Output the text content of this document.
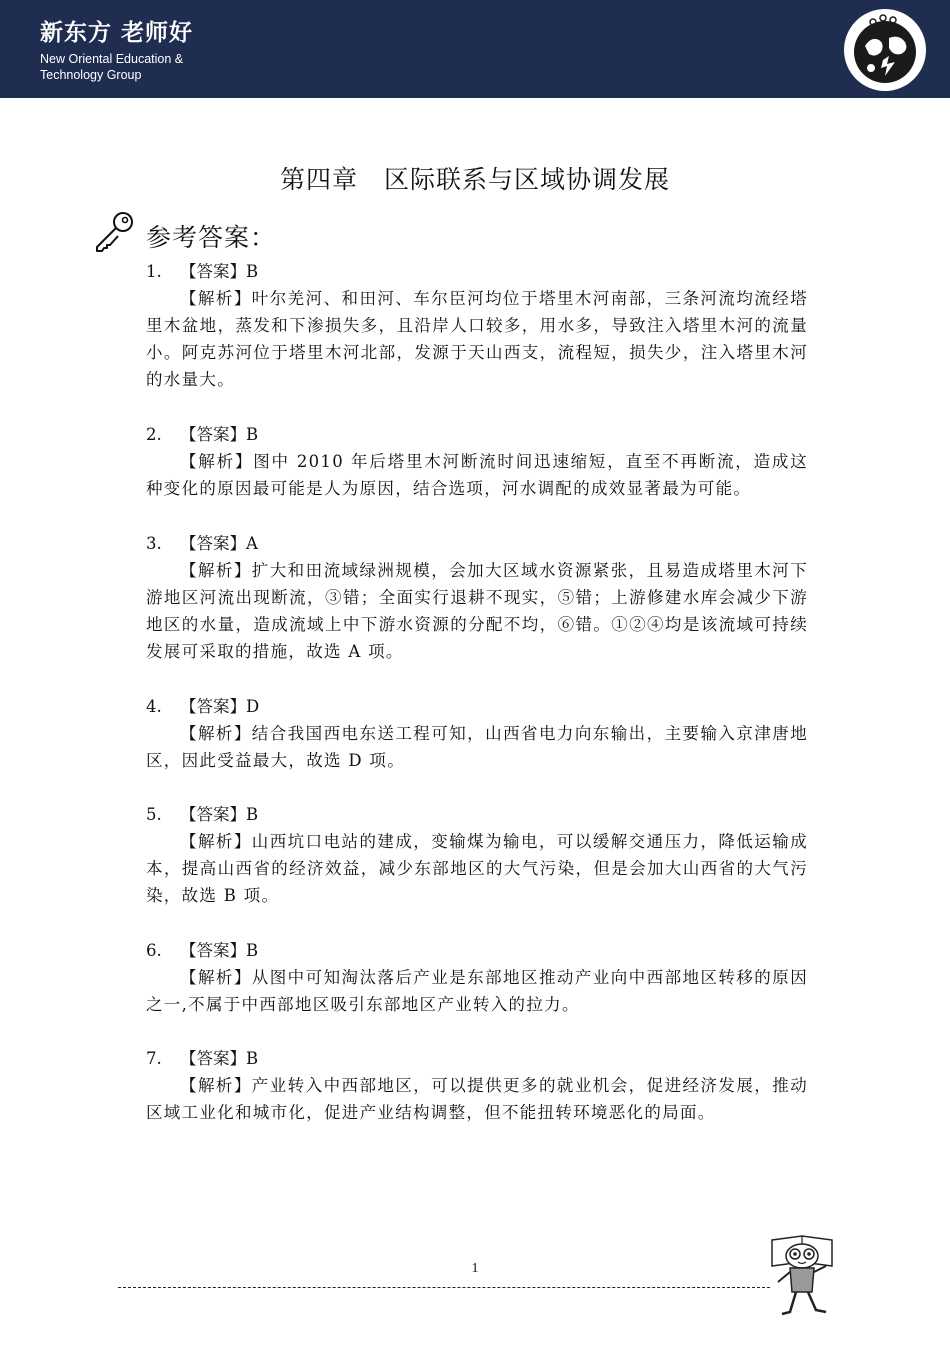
新东方 老师好
New Oriental Education & Technology Group
第四章　区际联系与区域协调发展
参考答案：
1. 【答案】B
【解析】叶尔羌河、和田河、车尔臣河均位于塔里木河南部，三条河流均流经塔里木盆地，蒸发和下渗损失多，且沿岸人口较多，用水多，导致注入塔里木河的流量小。阿克苏河位于塔里木河北部，发源于天山西支，流程短，损失少，注入塔里木河的水量大。
2. 【答案】B
【解析】图中 2010 年后塔里木河断流时间迅速缩短，直至不再断流，造成这种变化的原因最可能是人为原因，结合选项，河水调配的成效显著最为可能。
3. 【答案】A
【解析】扩大和田流域绿洲规模，会加大区域水资源紧张，且易造成塔里木河下游地区河流出现断流，③错；全面实行退耕不现实，⑤错；上游修建水库会减少下游地区的水量，造成流域上中下游水资源的分配不均，⑥错。①②④均是该流域可持续发展可采取的措施，故选 A 项。
4. 【答案】D
【解析】结合我国西电东送工程可知，山西省电力向东输出，主要输入京津唐地区，因此受益最大，故选 D 项。
5. 【答案】B
【解析】山西坑口电站的建成，变输煤为输电，可以缓解交通压力，降低运输成本，提高山西省的经济效益，减少东部地区的大气污染，但是会加大山西省的大气污染，故选 B 项。
6. 【答案】B
【解析】从图中可知淘汰落后产业是东部地区推动产业向中西部地区转移的原因之一,不属于中西部地区吸引东部地区产业转入的拉力。
7. 【答案】B
【解析】产业转入中西部地区，可以提供更多的就业机会，促进经济发展，推动区域工业化和城市化，促进产业结构调整，但不能扭转环境恶化的局面。
1
